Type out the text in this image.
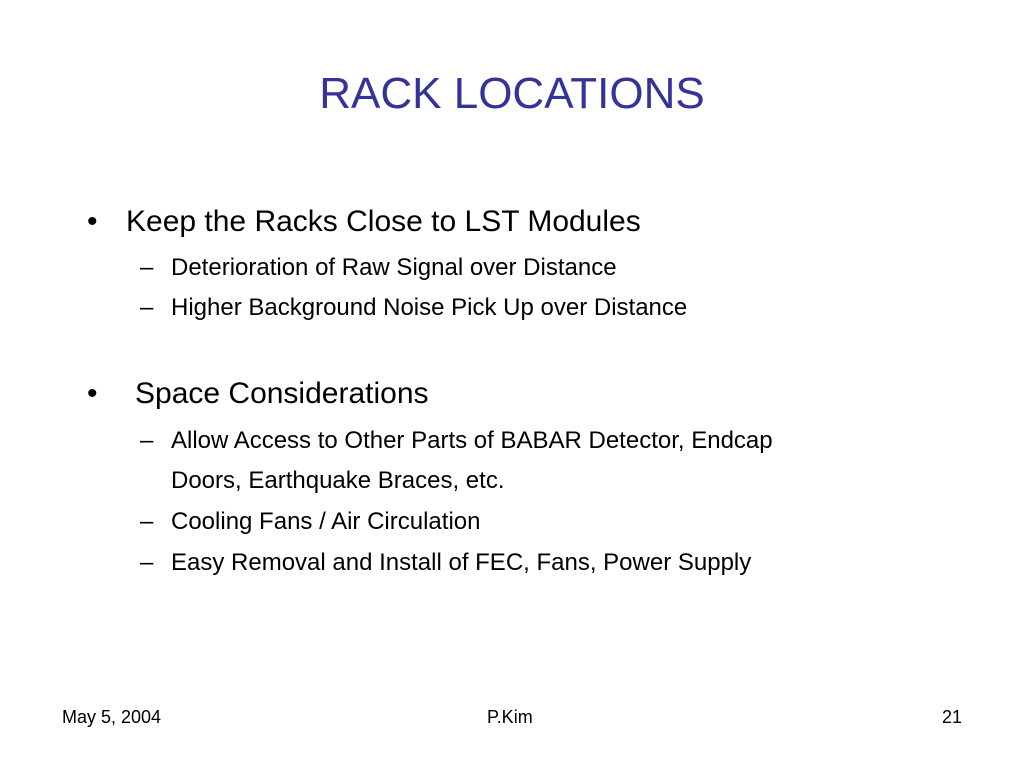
RACK LOCATIONS
• Keep the Racks Close to LST Modules
– Deterioration of Raw Signal over Distance
– Higher Background Noise Pick Up over Distance
• Space Considerations
– Allow Access to Other Parts of BABAR Detector, Endcap
Doors, Earthquake Braces, etc.
– Cooling Fans / Air Circulation
– Easy Removal and Install of FEC, Fans, Power Supply
May 5, 2004	P.Kim	21
